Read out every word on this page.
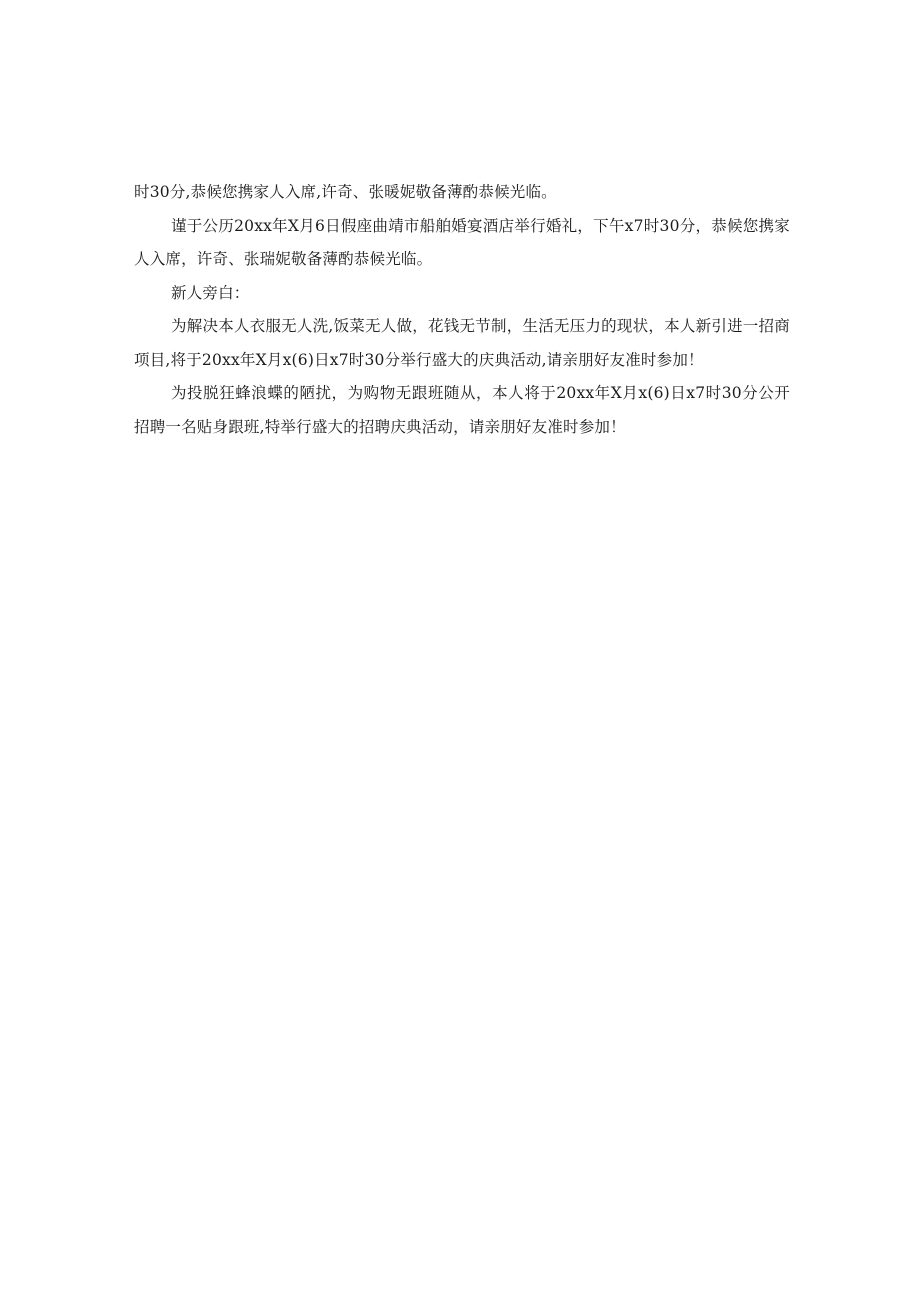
时30分,恭候您携家人入席,许奇、张暖妮敬备薄酌恭候光临。

谨于公历20xx年X月6日假座曲靖市船舶婚宴酒店举行婚礼，下午x7时30分，恭候您携家人入席，许奇、张瑞妮敬备薄酌恭候光临。

新人旁白：

为解决本人衣服无人洗,饭菜无人做，花钱无节制，生活无压力的现状，本人新引进一招商项目,将于20xx年X月x(6)日x7时30分举行盛大的庆典活动,请亲朋好友准时参加！

为投脱狂蜂浪蝶的陋扰，为购物无跟班随从，本人将于20xx年X月x(6)日x7时30分公开招聘一名贴身跟班,特举行盛大的招聘庆典活动，请亲朋好友准时参加！
